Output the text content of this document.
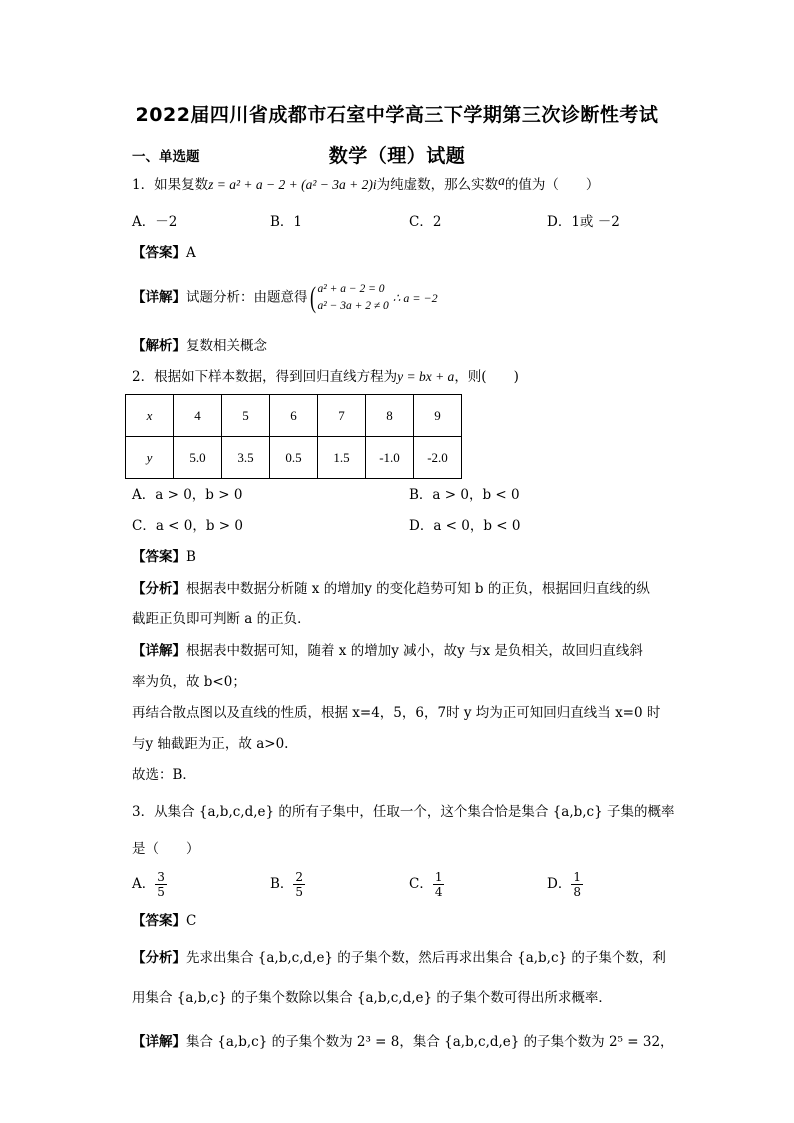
2022届四川省成都市石室中学高三下学期第三次诊断性考试
数学（理）试题
一、单选题
1．如果复数z = a² + a − 2 + (a² − 3a + 2)i为纯虚数，那么实数a的值为（　　）
A．－2	B．1	C．2	D．1或 －2
【答案】A
【详解】试题分析：由题意得( a² + a − 2 = 0
a² − 3a + 2 ≠ 0
∴ a = −2
【解析】复数相关概念
2．根据如下样本数据，得到回归直线方程为y = bx + a，则(　　)
x	4	5	6	7	8	9
y	5.0	3.5	0.5	1.5	-1.0	-2.0
A．a > 0，b > 0	B．a > 0，b < 0
C．a < 0，b > 0	D．a < 0，b < 0
【答案】B
【分析】根据表中数据分析随 x 的增加y 的变化趋势可知 b 的正负，根据回归直线的纵
截距正负即可判断 a 的正负．
【详解】根据表中数据可知，随着 x 的增加y 减小，故y 与x 是负相关，故回归直线斜
率为负，故 b<0；
再结合散点图以及直线的性质，根据 x=4，5，6，7时 y 均为正可知回归直线当 x=0 时
与y 轴截距为正，故 a>0.
故选：B．
3．从集合 {a,b,c,d,e} 的所有子集中，任取一个，这个集合恰是集合 {a,b,c} 子集的概率
是（　　）
A． $\frac{3}{5}$	B． $\frac{2}{5}$	C． $\frac{1}{4}$	D． $\frac{1}{8}$
【答案】C
【分析】先求出集合 {a,b,c,d,e} 的子集个数，然后再求出集合 {a,b,c} 的子集个数，利
用集合 {a,b,c} 的子集个数除以集合 {a,b,c,d,e} 的子集个数可得出所求概率．
【详解】集合 {a,b,c} 的子集个数为 2³ = 8，集合 {a,b,c,d,e} 的子集个数为 2⁵ = 32，
